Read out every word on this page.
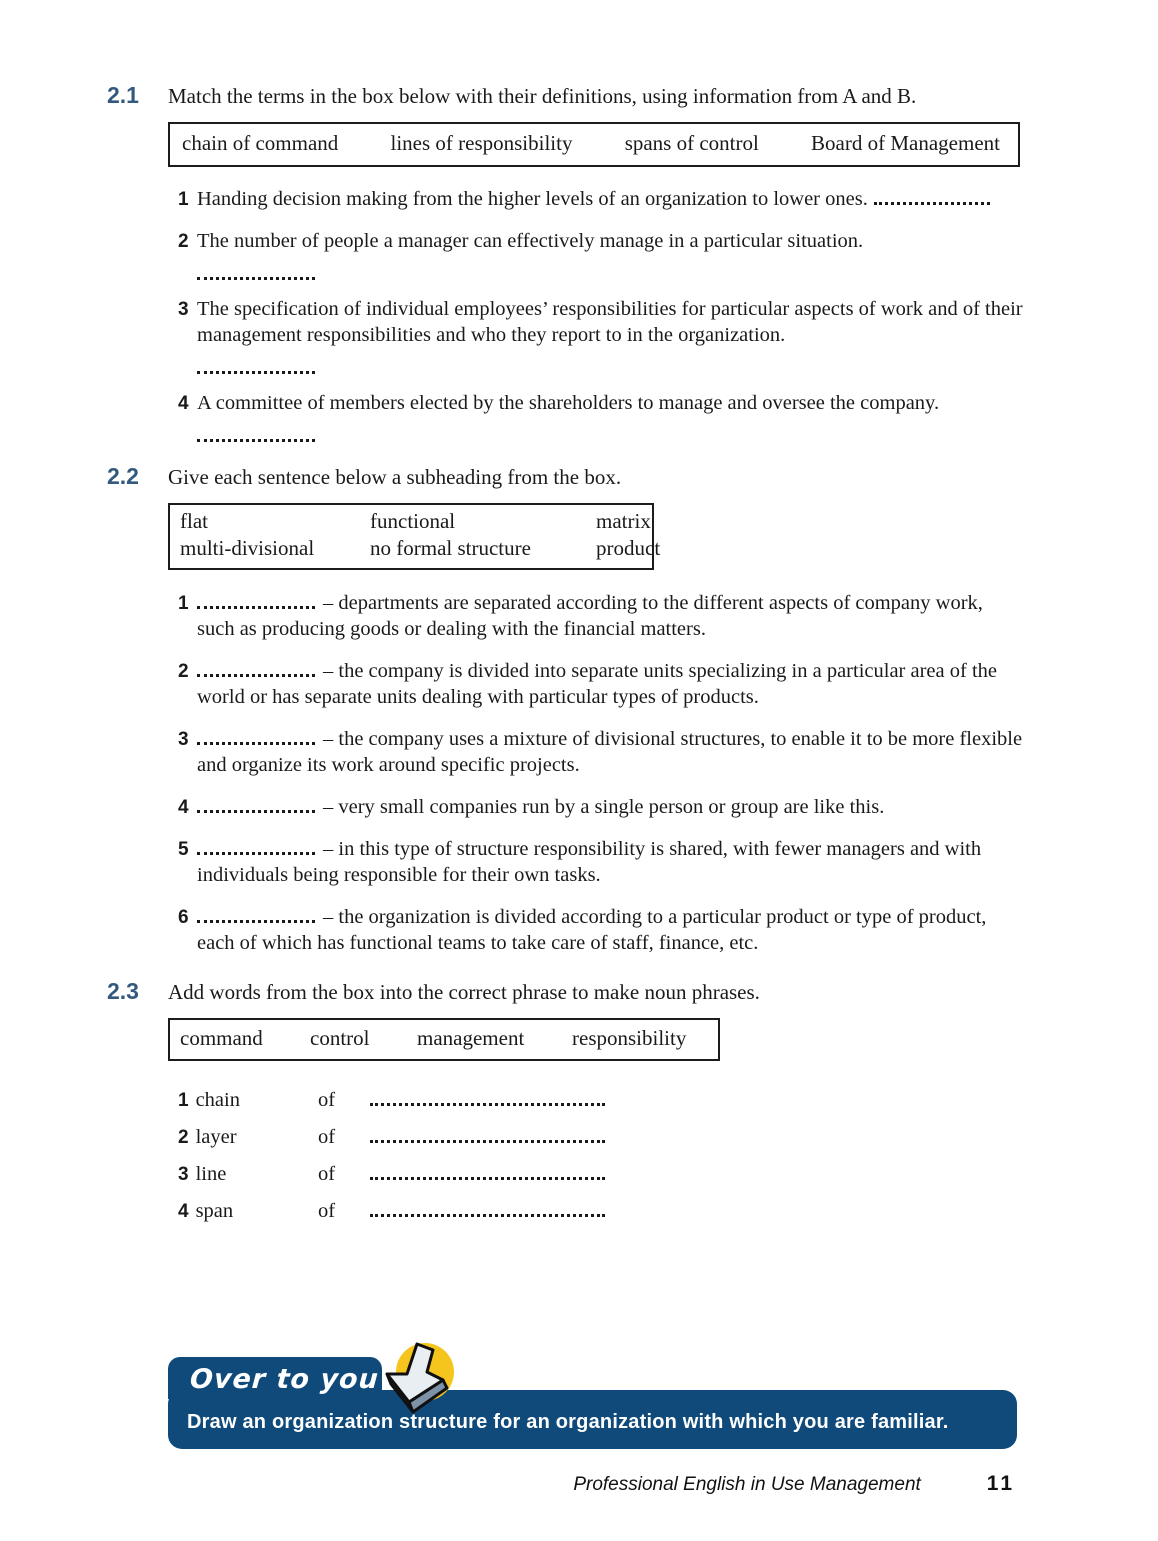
2.1	Match the terms in the box below with their definitions, using information from A and B.
chain of command lines of responsibility spans of control Board of Management
1 Handing decision making from the higher levels of an organization to lower ones.
2 The number of people a manager can effectively manage in a particular situation.
3 The specification of individual employees’ responsibilities for particular aspects of work and of their management responsibilities and who they report to in the organization.
4 A committee of members elected by the shareholders to manage and oversee the company.
2.2	Give each sentence below a subheading from the box.
flat	functional	matrix
multi-divisional	no formal structure	product
1	– departments are separated according to the different aspects of company work, such as producing goods or dealing with the financial matters.
2	– the company is divided into separate units specializing in a particular area of the world or has separate units dealing with particular types of products.
3	– the company uses a mixture of divisional structures, to enable it to be more flexible and organize its work around specific projects.
4	– very small companies run by a single person or group are like this.
5	– in this type of structure responsibility is shared, with fewer managers and with individuals being responsible for their own tasks.
6	– the organization is divided according to a particular product or type of product, each of which has functional teams to take care of staff, finance, etc.
2.3	Add words from the box into the correct phrase to make noun phrases.
command	control	management	responsibility
1 chain	of
2 layer	of
3 line	of
4 span	of
Over to you
Draw an organization structure for an organization with which you are familiar.
Professional English in Use Management	11
